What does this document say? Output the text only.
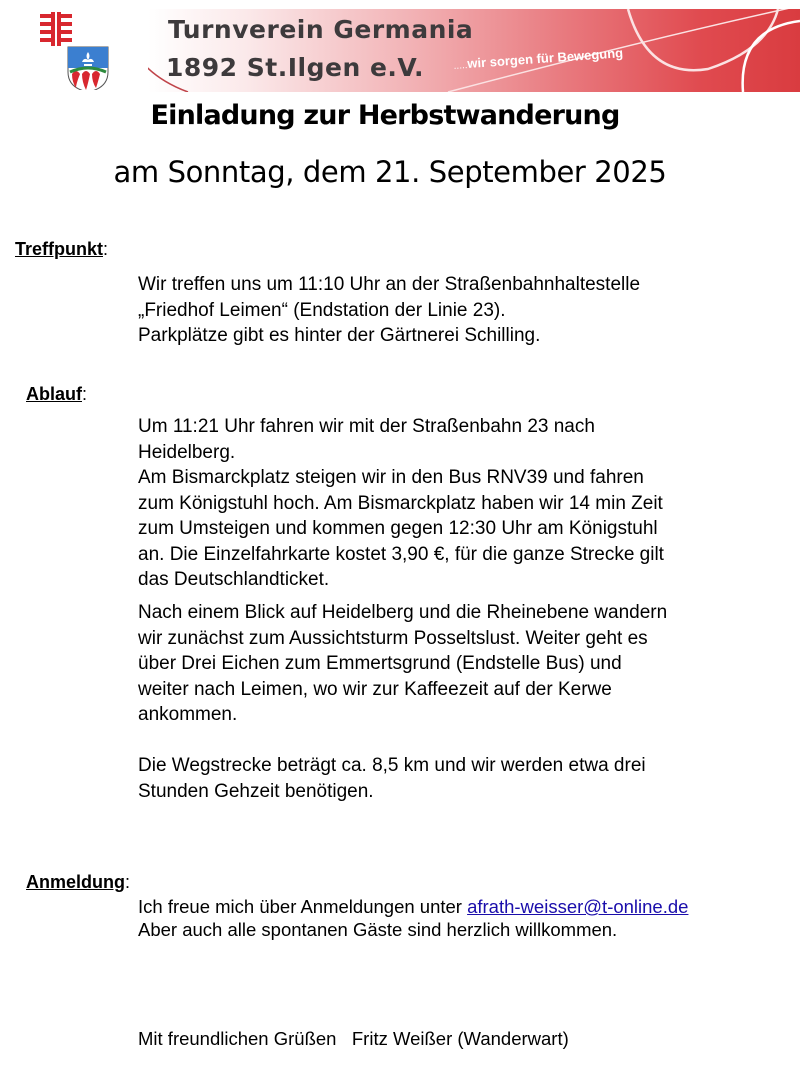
Turnverein Germania
1892 St.Ilgen e.V.	.....wir sorgen für Bewegung
Einladung zur Herbstwanderung
am Sonntag, dem 21. September 2025
Treffpunkt:

Wir treffen uns um 11:10 Uhr an der Straßenbahnhaltestelle

„Friedhof Leimen“ (Endstation der Linie 23).

Parkplätze gibt es hinter der Gärtnerei Schilling.

Ablauf:

Um 11:21 Uhr fahren wir mit der Straßenbahn 23 nach

Heidelberg.

Am Bismarckplatz steigen wir in den Bus RNV39 und fahren

zum Königstuhl hoch. Am Bismarckplatz haben wir 14 min Zeit

zum Umsteigen und kommen gegen 12:30 Uhr am Königstuhl

an. Die Einzelfahrkarte kostet 3,90 €, für die ganze Strecke gilt

das Deutschlandticket.

Nach einem Blick auf Heidelberg und die Rheinebene wandern

wir zunächst zum Aussichtsturm Posseltslust. Weiter geht es

über Drei Eichen zum Emmertsgrund (Endstelle Bus) und

weiter nach Leimen, wo wir zur Kaffeezeit auf der Kerwe

ankommen.

Die Wegstrecke beträgt ca. 8,5 km und wir werden etwa drei

Stunden Gehzeit benötigen.

Anmeldung:

Ich freue mich über Anmeldungen unter afrath-weisser@t-online.de

Aber auch alle spontanen Gäste sind herzlich willkommen.

Mit freundlichen Grüßen   Fritz Weißer (Wanderwart)
